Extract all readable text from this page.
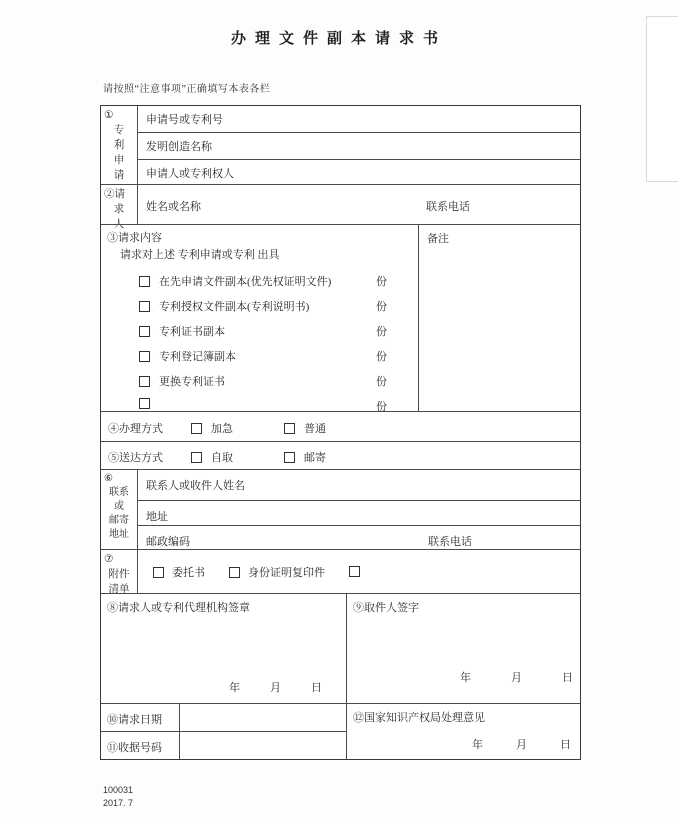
办理文件副本请求书
请按照“注意事项”正确填写本表各栏
①
专
利
申
请
申请号或专利号
发明创造名称
申请人或专利权人
②请
求
人
姓名或名称	联系电话
③请求内容
请求对上述 专利申请或专利 出具
在先申请文件副本(优先权证明文件)	份
专利授权文件副本(专利说明书)	份
专利证书副本	份
专利登记簿副本	份
更换专利证书	份
份
备注
④办理方式	加急	普通
⑤送达方式	自取	邮寄
⑥
联系
或
邮寄
地址
联系人或收件人姓名
地址
邮政编码	联系电话
⑦
附件
清单
委托书	身份证明复印件
⑧请求人或专利代理机构签章
年	月	日
⑨取件人签字
年	月	日
⑩请求日期
⑪收据号码
⑫国家知识产权局处理意见
年	月	日
100031
2017. 7
